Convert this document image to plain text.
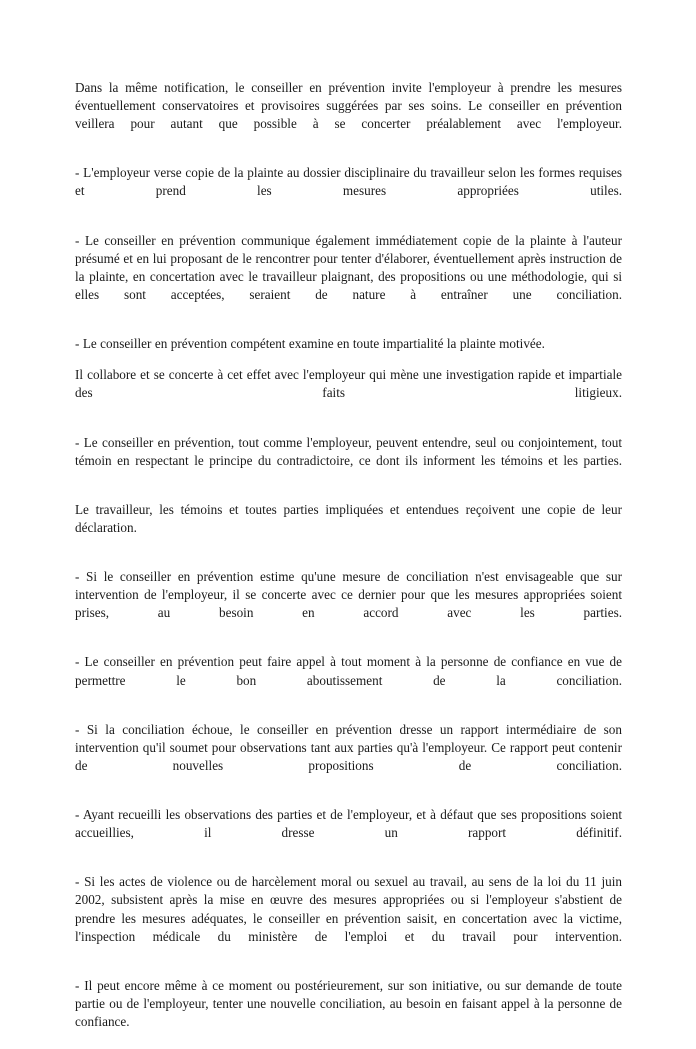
Dans la même notification, le conseiller en prévention invite l'employeur à prendre les mesures éventuellement conservatoires et provisoires suggérées par ses soins. Le conseiller en prévention veillera pour autant que possible à se concerter préalablement avec l'employeur.

- L'employeur verse copie de la plainte au dossier disciplinaire du travailleur selon les formes requises et prend les mesures appropriées utiles.

- Le conseiller en prévention communique également immédiatement copie de la plainte à l'auteur présumé et en lui proposant de le rencontrer pour tenter d'élaborer, éventuellement après instruction de la plainte, en concertation avec le travailleur plaignant, des propositions ou une méthodologie, qui si elles sont acceptées, seraient de nature à entraîner une conciliation.

- Le conseiller en prévention compétent examine en toute impartialité la plainte motivée.

Il collabore et se concerte à cet effet avec l'employeur qui mène une investigation rapide et impartiale des faits litigieux.

- Le conseiller en prévention, tout comme l'employeur, peuvent entendre, seul ou conjointement, tout témoin en respectant le principe du contradictoire, ce dont ils informent les témoins et les parties.

Le travailleur, les témoins et toutes parties impliquées et entendues reçoivent une copie de leur déclaration.

- Si le conseiller en prévention estime qu'une mesure de conciliation n'est envisageable que sur intervention de l'employeur, il se concerte avec ce dernier pour que les mesures appropriées soient prises, au besoin en accord avec les parties.

- Le conseiller en prévention peut faire appel à tout moment à la personne de confiance en vue de permettre le bon aboutissement de la conciliation.

- Si la conciliation échoue, le conseiller en prévention dresse un rapport intermédiaire de son intervention qu'il soumet pour observations tant aux parties qu'à l'employeur. Ce rapport peut contenir de nouvelles propositions de conciliation.

- Ayant recueilli les observations des parties et de l'employeur, et à défaut que ses propositions soient accueillies, il dresse un rapport définitif.

- Si les actes de violence ou de harcèlement moral ou sexuel au travail, au sens de la loi du 11 juin 2002, subsistent après la mise en œuvre des mesures appropriées ou si l'employeur s'abstient de prendre les mesures adéquates, le conseiller en prévention saisit, en concertation avec la victime, l'inspection médicale du ministère de l'emploi et du travail pour intervention.

- Il peut encore même à ce moment ou postérieurement, sur son initiative, ou sur demande de toute partie ou de l'employeur, tenter une nouvelle conciliation, au besoin en faisant appel à la personne de confiance.
